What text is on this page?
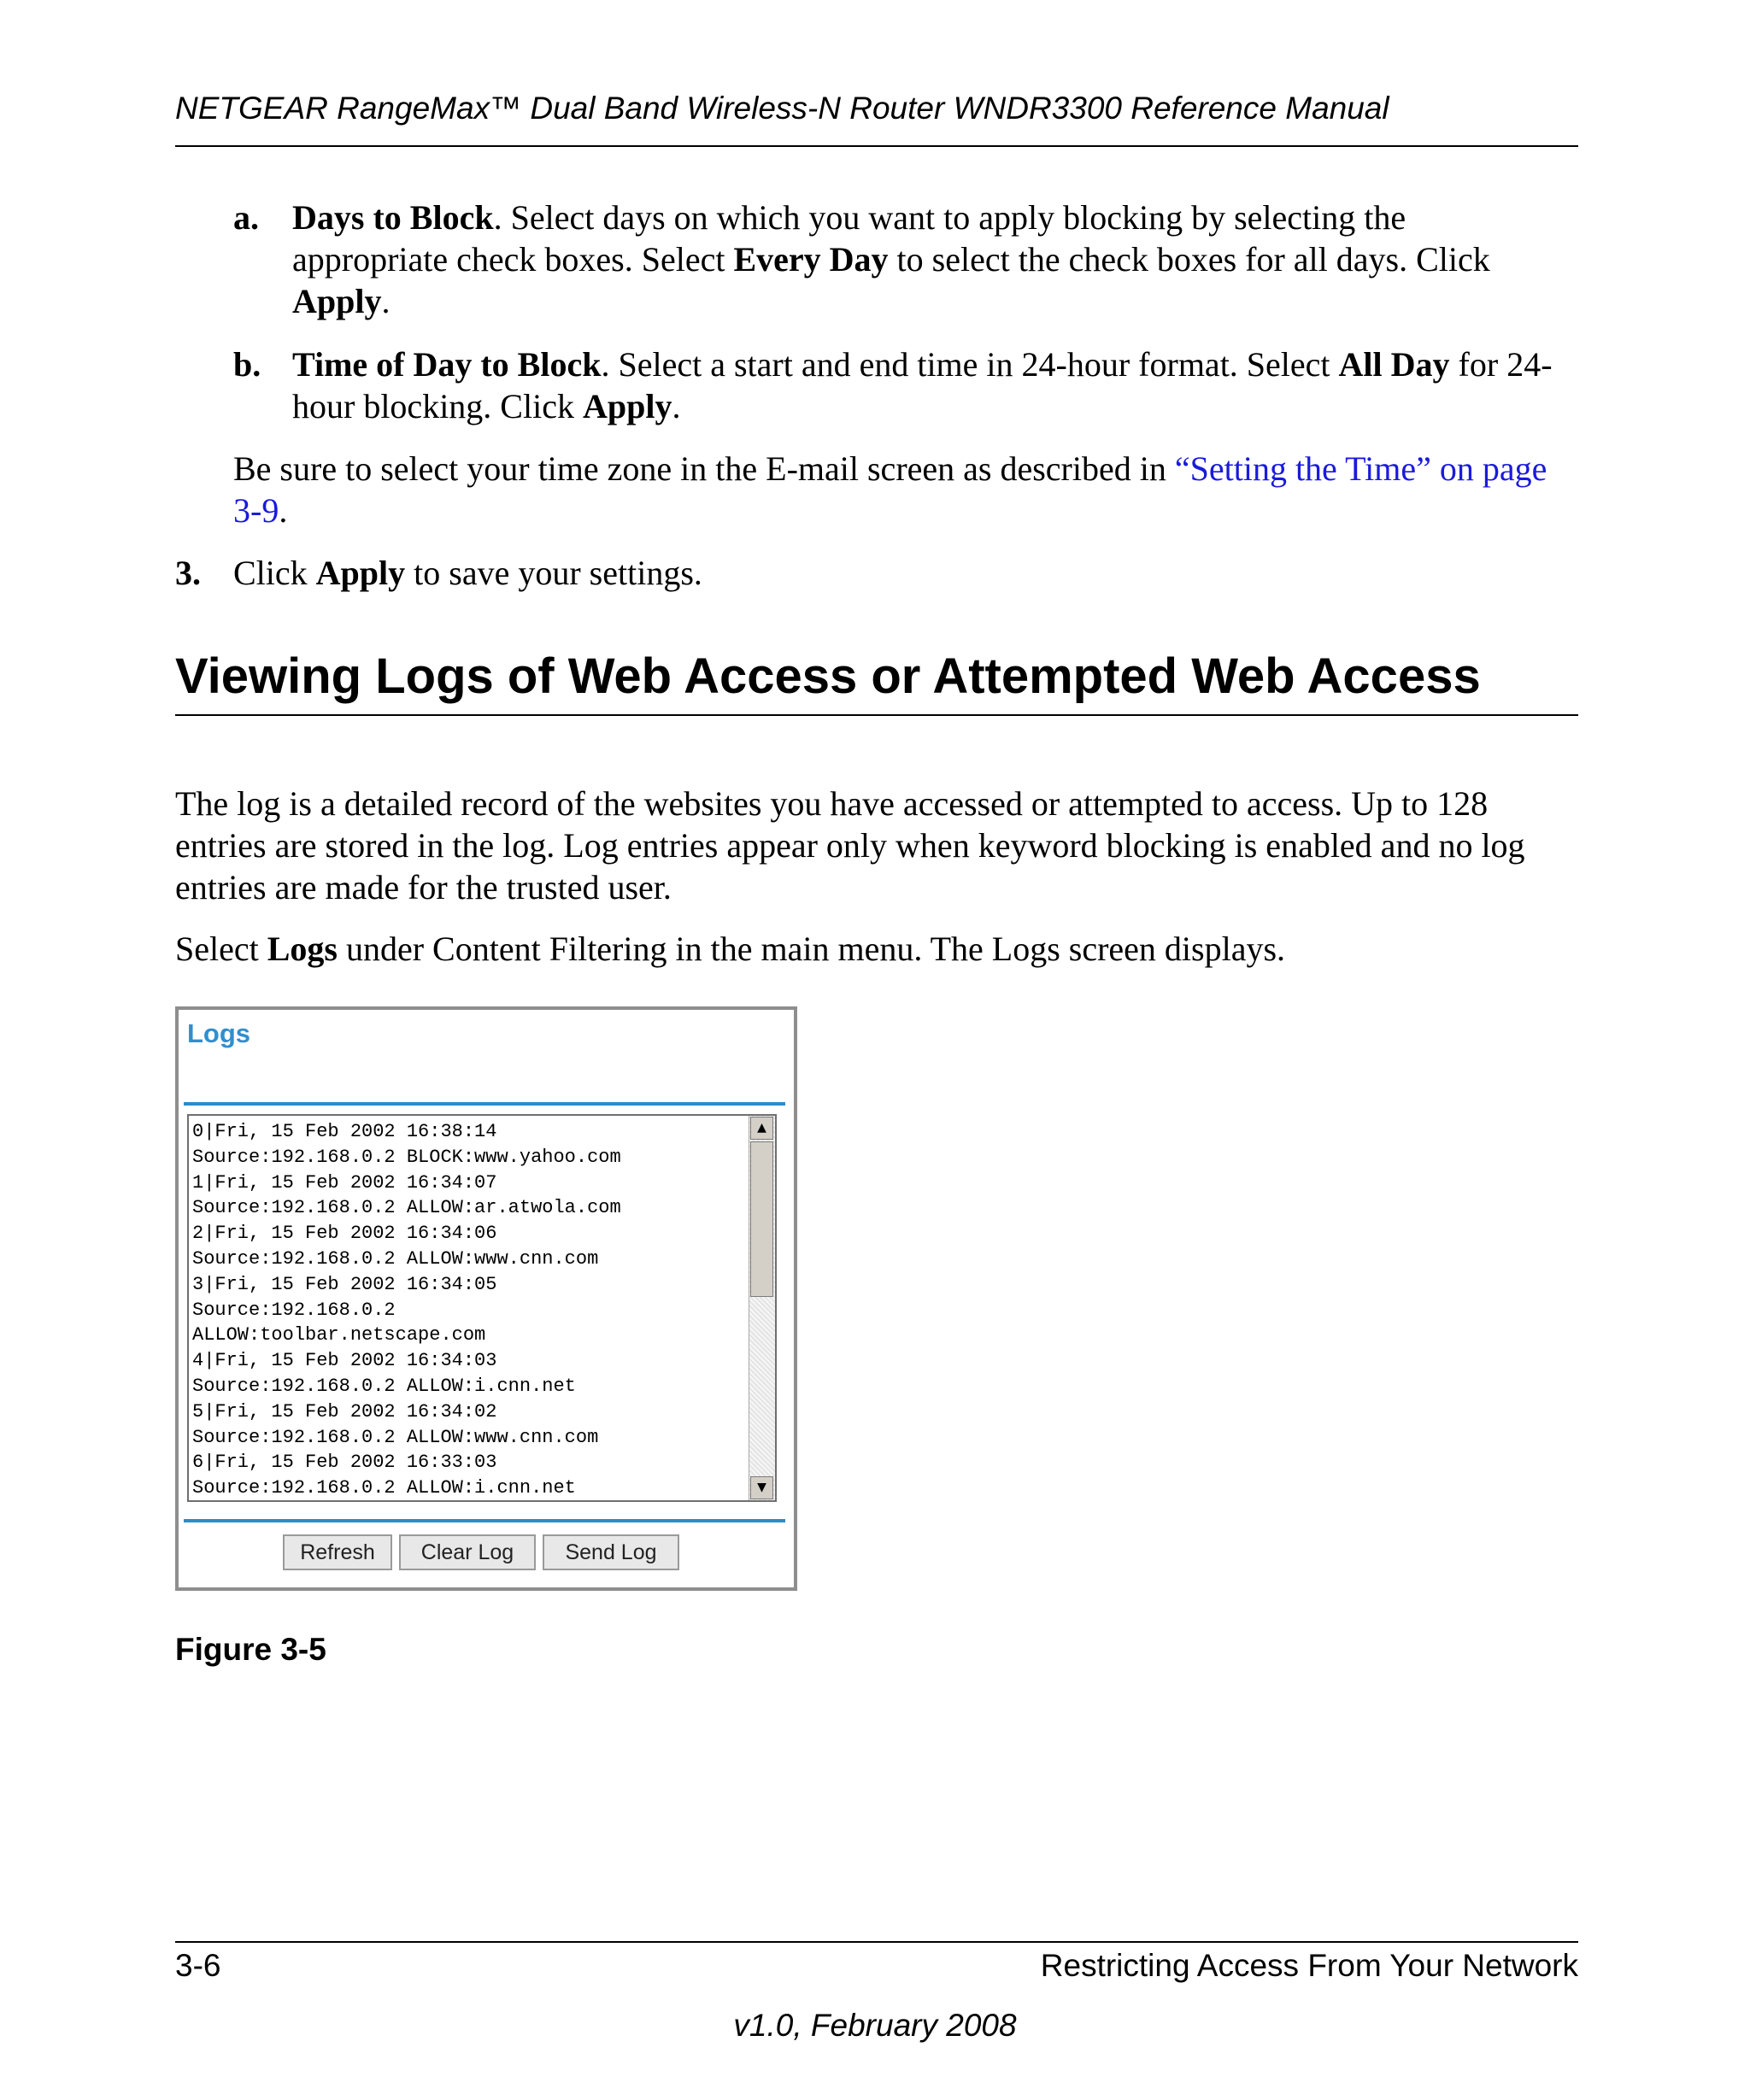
NETGEAR RangeMax™ Dual Band Wireless-N Router WNDR3300 Reference Manual
a. Days to Block. Select days on which you want to apply blocking by selecting the appropriate check boxes. Select Every Day to select the check boxes for all days. Click Apply.
b. Time of Day to Block. Select a start and end time in 24-hour format. Select All Day for 24-hour blocking. Click Apply.
Be sure to select your time zone in the E-mail screen as described in “Setting the Time” on page 3-9.
3. Click Apply to save your settings.
Viewing Logs of Web Access or Attempted Web Access
The log is a detailed record of the websites you have accessed or attempted to access. Up to 128 entries are stored in the log. Log entries appear only when keyword blocking is enabled and no log entries are made for the trusted user.
Select Logs under Content Filtering in the main menu. The Logs screen displays.
Logs
0|Fri, 15 Feb 2002 16:38:14
Source:192.168.0.2 BLOCK:www.yahoo.com
1|Fri, 15 Feb 2002 16:34:07
Source:192.168.0.2 ALLOW:ar.atwola.com
2|Fri, 15 Feb 2002 16:34:06
Source:192.168.0.2 ALLOW:www.cnn.com
3|Fri, 15 Feb 2002 16:34:05
Source:192.168.0.2
ALLOW:toolbar.netscape.com
4|Fri, 15 Feb 2002 16:34:03
Source:192.168.0.2 ALLOW:i.cnn.net
5|Fri, 15 Feb 2002 16:34:02
Source:192.168.0.2 ALLOW:www.cnn.com
6|Fri, 15 Feb 2002 16:33:03
Source:192.168.0.2 ALLOW:i.cnn.net
▲
▼
Refresh	Clear Log	Send Log
Figure 3-5
3-6	Restricting Access From Your Network
v1.0, February 2008
